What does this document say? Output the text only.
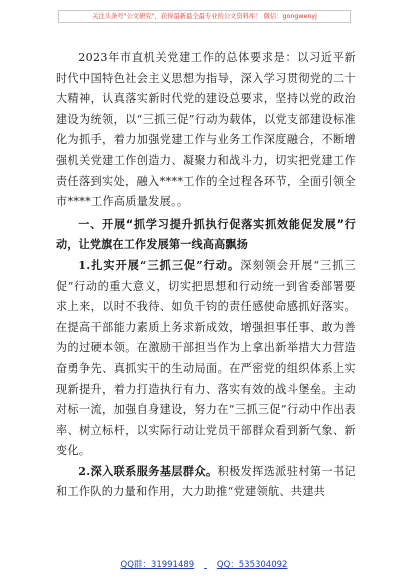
关注头条号"公文研究"，获得最新最全最专业的公文资料库！ 微信：gongwenyj

2023年市直机关党建工作的总体要求是：以习近平新时代中国特色社会主义思想为指导，深入学习贯彻党的二十大精神，认真落实新时代党的建设总要求，坚持以党的政治建设为统领，以“三抓三促”行动为载体，以党支部建设标准化为抓手，着力加强党建工作与业务工作深度融合，不断增强机关党建工作创造力、凝聚力和战斗力，切实把党建工作责任落到实处，融入****工作的全过程各环节，全面引领全市****工作高质量发展。。

一、开展“抓学习提升抓执行促落实抓效能促发展”行动，让党旗在工作发展第一线高高飘扬

1.扎实开展“三抓三促”行动。深刻领会开展“三抓三促”行动的重大意义，切实把思想和行动统一到省委部署要求上来，以时不我待、如负千钧的责任感使命感抓好落实。在提高干部能力素质上务求新成效，增强担事任事、敢为善为的过硬本领。在激励干部担当作为上拿出新举措大力营造奋勇争先、真抓实干的生动局面。在严密党的组织体系上实现新提升，着力打造执行有力、落实有效的战斗堡垒。主动对标一流，加强自身建设，努力在“三抓三促”行动中作出表率、树立标杆，以实际行动让党员干部群众看到新气象、新变化。

2.深入联系服务基层群众。积极发挥选派驻村第一书记和工作队的力量和作用，大力助推“党建领航、共建共

QQ群：31991489	QQ：535304092
